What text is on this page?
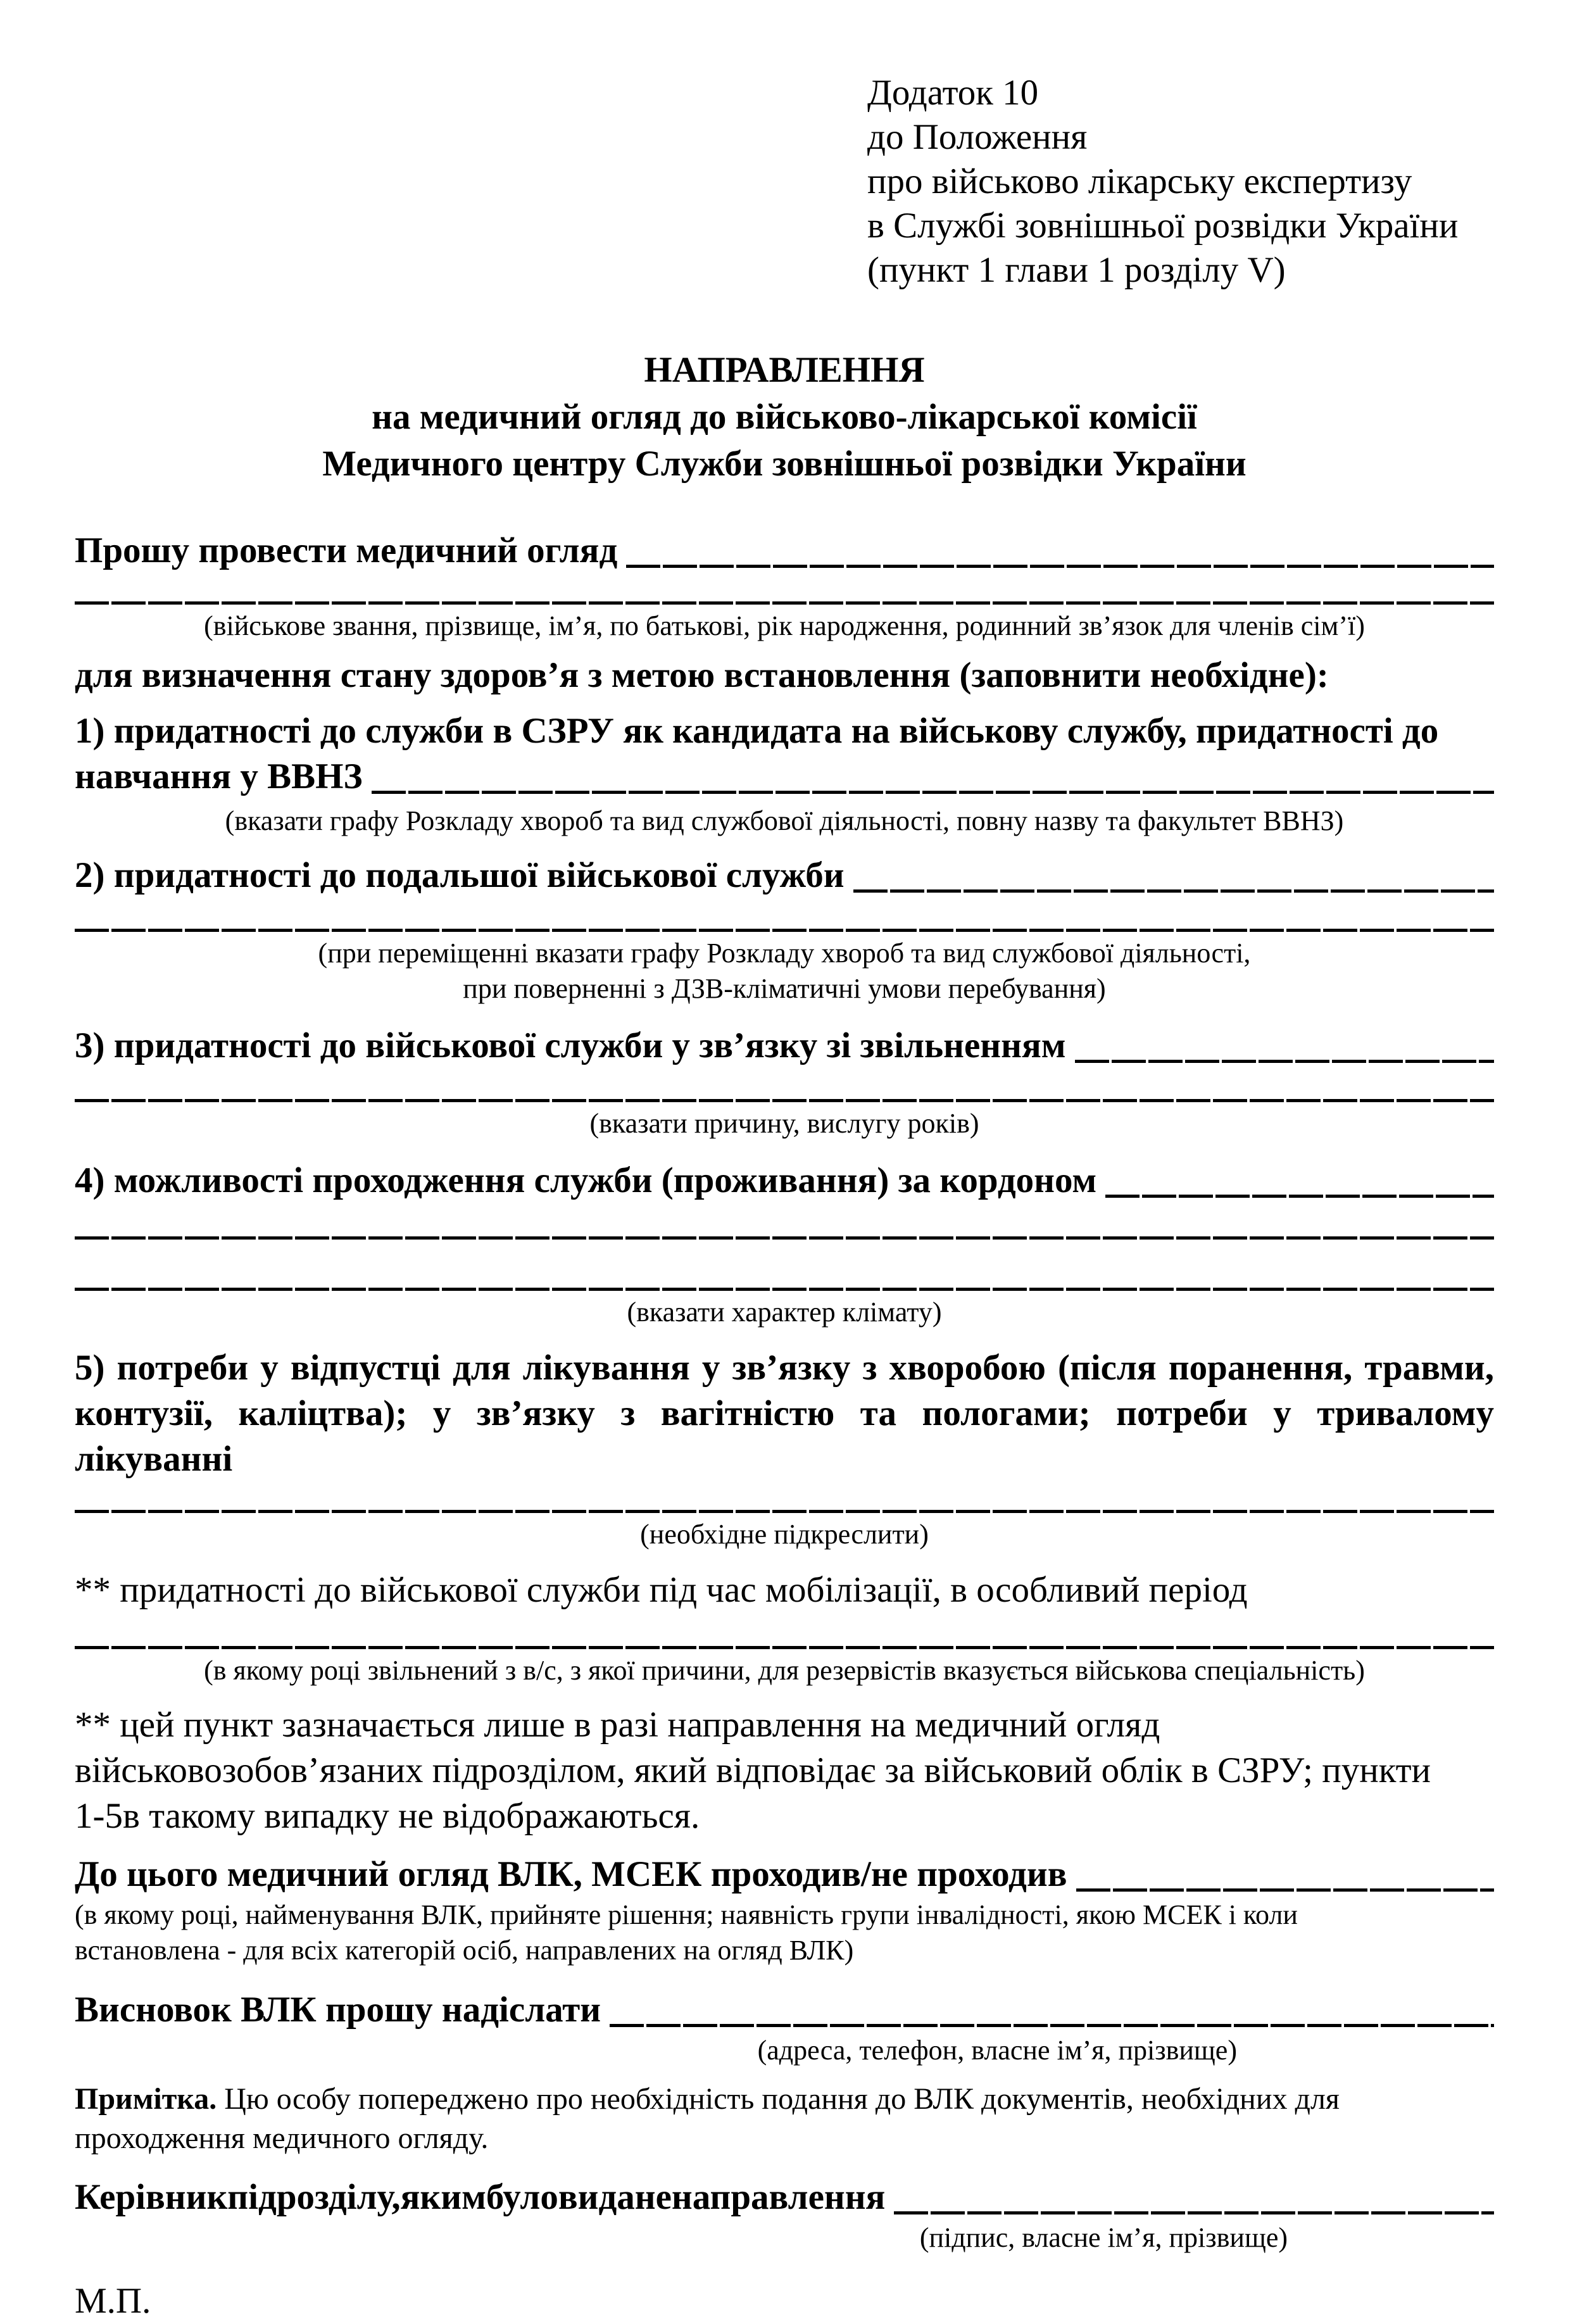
Додаток 10
до Положення
про військово лікарську експертизу
в Службі зовнішньої розвідки України
(пункт 1 глави 1 розділу V)
НАПРАВЛЕННЯ
на медичний огляд до військово-лікарської комісії
Медичного центру Служби зовнішньої розвідки України
Прошу провести медичний огляд
(військове звання, прізвище, ім’я, по батькові, рік народження, родинний зв’язок для членів сім’ї)
для визначення стану здоров’я з метою встановлення (заповнити необхідне):
1) придатності до служби в СЗРУ як кандидата на військову службу, придатності до
навчання у ВВНЗ
(вказати графу Розкладу хвороб та вид службової діяльності, повну назву та факультет ВВНЗ)
2) придатності до подальшої військової служби
(при переміщенні вказати графу Розкладу хвороб та вид службової діяльності,
при поверненні з ДЗВ-кліматичні умови перебування)
3) придатності до військової служби у зв’язку зі звільненням
(вказати причину, вислугу років)
4) можливості проходження служби (проживання) за кордоном
(вказати характер клімату)
5) потреби у відпустці для лікування у зв’язку з хворобою (після поранення, травми, контузії, каліцтва); у зв’язку з вагітністю та пологами; потреби у тривалому лікуванні
(необхідне підкреслити)
** придатності до військової служби під час мобілізації, в особливий період
(в якому році звільнений з в/с, з якої причини, для резервістів вказується військова спеціальність)
** цей пункт зазначається лише в разі направлення на медичний огляд
військовозобов’язаних підрозділом, який відповідає за військовий облік в СЗРУ; пункти
1-5в такому випадку не відображаються.
До цього медичний огляд ВЛК, МСЕК проходив/не проходив
(в якому році, найменування ВЛК, прийняте рішення; наявність групи інвалідності, якою МСЕК і коли
встановлена - для всіх категорій осіб, направлених на огляд ВЛК)
Висновок ВЛК прошу надіслати
(адреса, телефон, власне ім’я, прізвище)
Примітка. Цю особу попереджено про необхідність подання до ВЛК документів, необхідних для проходження медичного огляду.
Керівник підрозділу, яким було видане направлення
(підпис, власне ім’я, прізвище)
М.П.
